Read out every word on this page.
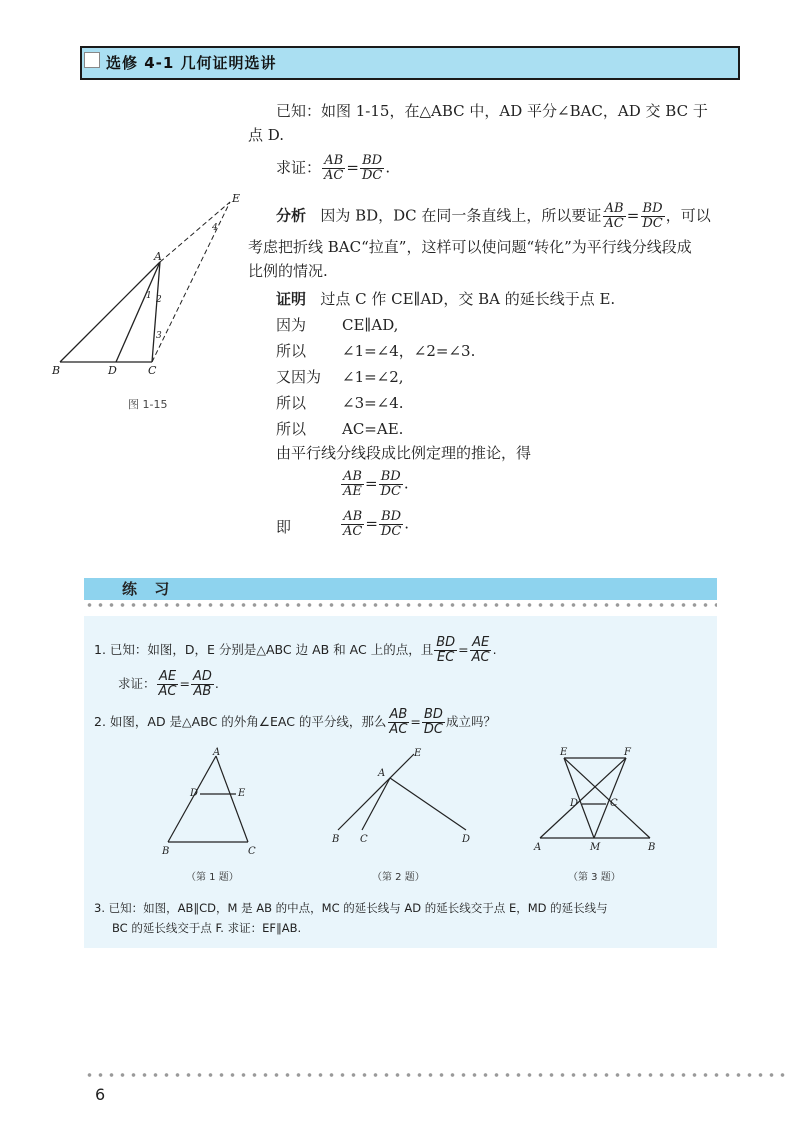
选修 4-1 几何证明选讲
已知：如图 1-15，在△ABC 中，AD 平分∠BAC，AD 交 BC 于
点 D.
求证： $\frac{AB}{AC} = \frac{BD}{DC}$ .
分析 因为 BD，DC 在同一条直线上，所以要证 $\frac{AB}{AC} = \frac{BD}{DC}$ ，可以
考虑把折线 BAC“拉直”，这样可以使问题“转化”为平行线分线段成
比例的情况.
证明 过点 C 作 CE∥AD，交 BA 的延长线于点 E.
因为 CE∥AD,
所以 ∠1=∠4，∠2=∠3.
又因为 ∠1=∠2,
所以 ∠3=∠4.
所以 AC=AE.
由平行线分线段成比例定理的推论，得
$\frac{AB}{AE} = \frac{BD}{DC}$ .
即	$\frac{AB}{AC} = \frac{BD}{DC}$ .
A
B	C
D
E
1 2
3
4
图 1-15
练 习
1. 已知：如图，D，E 分别是△ABC 边 AB 和 AC 上的点，且 $\frac{BD}{EC} = \frac{AE}{AC}$ .
求证： $\frac{AE}{AC} = \frac{AD}{AB}$ .
2. 如图，AD 是△ABC 的外角∠EAC 的平分线，那么 $\frac{AB}{AC} = \frac{BD}{DC}$ 成立吗？
A
B	C
D	E
A
B C	D
E	E	F
D	C
A	M	B
（第 1 题）	（第 2 题）	（第 3 题）
3. 已知：如图，AB∥CD，M 是 AB 的中点，MC 的延长线与 AD 的延长线交于点 E，MD 的延长线与
BC 的延长线交于点 F. 求证：EF∥AB.
6
